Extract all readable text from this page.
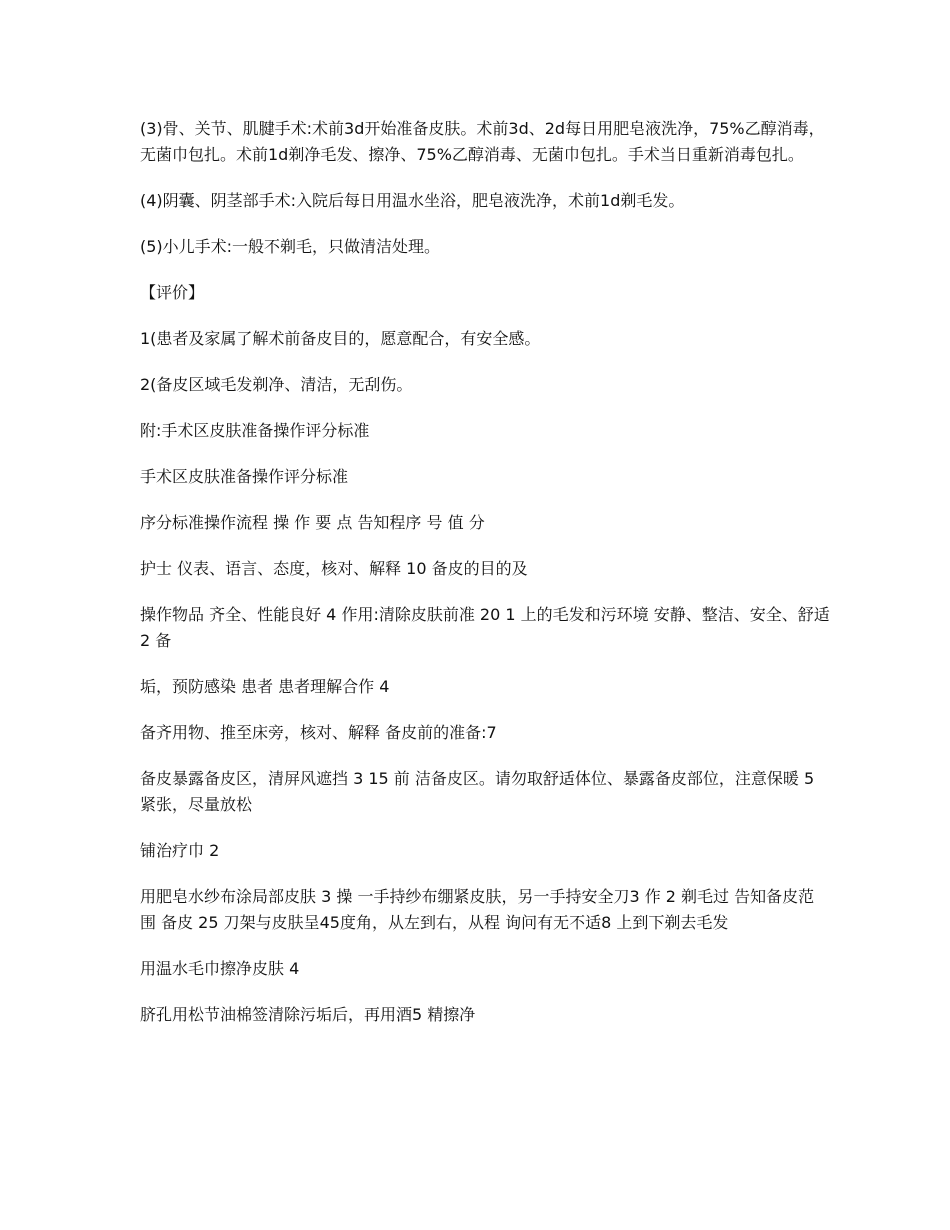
(3)骨、关节、肌腱手术:术前3d开始准备皮肤。术前3d、2d每日用肥皂液洗净，75%乙醇消毒，无菌巾包扎。术前1d剃净毛发、擦净、75%乙醇消毒、无菌巾包扎。手术当日重新消毒包扎。

(4)阴囊、阴茎部手术:入院后每日用温水坐浴，肥皂液洗净，术前1d剃毛发。

(5)小儿手术:一般不剃毛，只做清洁处理。

【评价】

1(患者及家属了解术前备皮目的，愿意配合，有安全感。

2(备皮区域毛发剃净、清洁，无刮伤。

附:手术区皮肤准备操作评分标准

手术区皮肤准备操作评分标准

序分标准操作流程 操 作 要 点 告知程序 号 值 分

护士 仪表、语言、态度，核对、解释 10 备皮的目的及

操作物品 齐全、性能良好 4 作用:清除皮肤前准 20 1 上的毛发和污环境 安静、整洁、安全、舒适 2 备

垢，预防感染 患者 患者理解合作 4

备齐用物、推至床旁，核对、解释 备皮前的准备:7

备皮暴露备皮区，清屏风遮挡 3 15 前 洁备皮区。请勿取舒适体位、暴露备皮部位，注意保暖 5 紧张，尽量放松

铺治疗巾 2

用肥皂水纱布涂局部皮肤 3 操 一手持纱布绷紧皮肤，另一手持安全刀3 作 2 剃毛过 告知备皮范围 备皮 25 刀架与皮肤呈45度角，从左到右，从程 询问有无不适8 上到下剃去毛发

用温水毛巾擦净皮肤 4

脐孔用松节油棉签清除污垢后，再用酒5 精擦净
